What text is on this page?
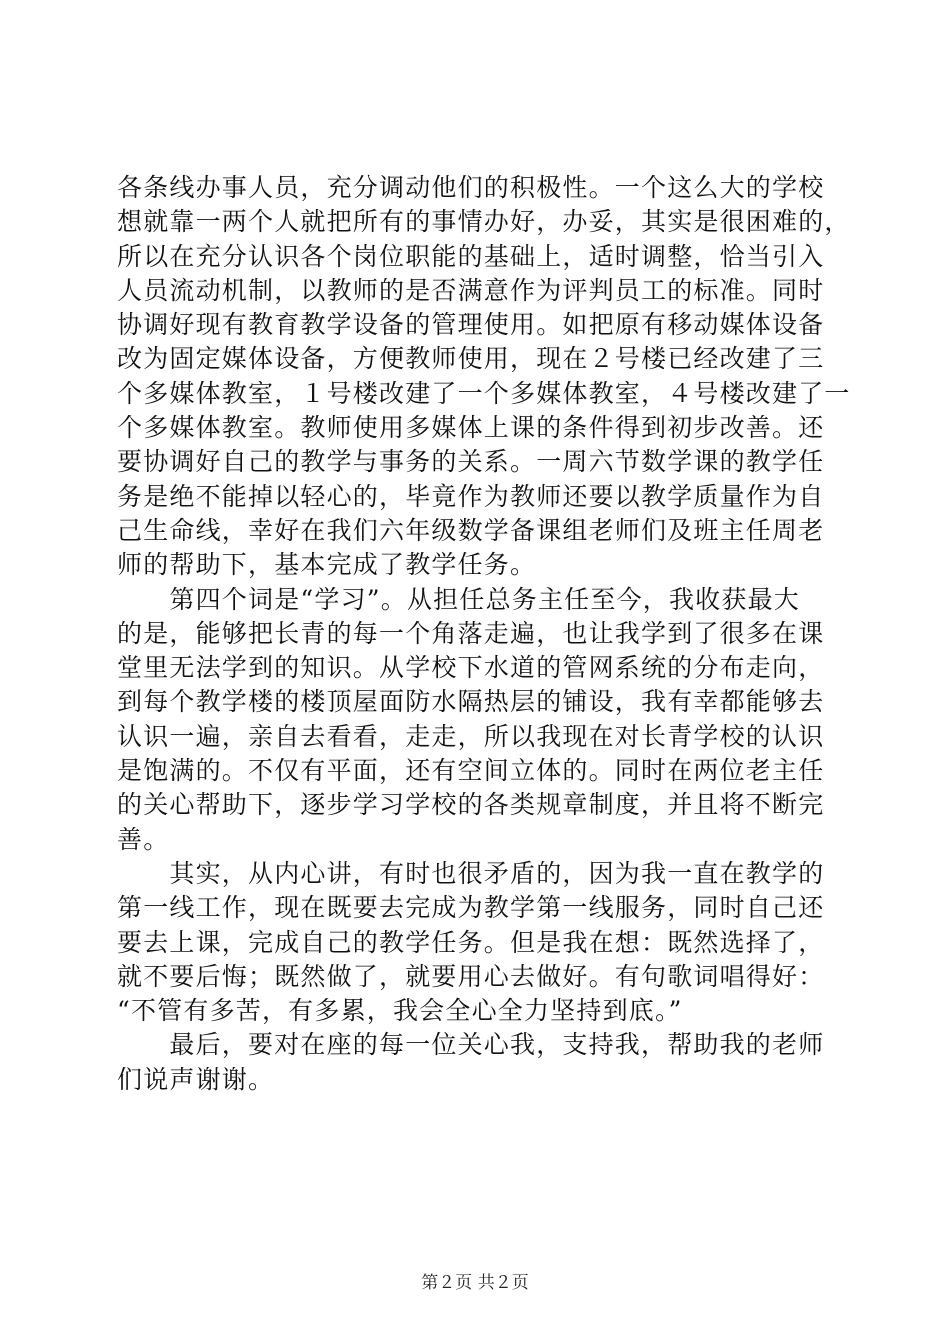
各条线办事人员，充分调动他们的积极性。一个这么大的学校
想就靠一两个人就把所有的事情办好，办妥，其实是很困难的，
所以在充分认识各个岗位职能的基础上，适时调整，恰当引入
人员流动机制，以教师的是否满意作为评判员工的标准。同时
协调好现有教育教学设备的管理使用。如把原有移动媒体设备
改为固定媒体设备，方便教师使用，现在２号楼已经改建了三
个多媒体教室，１号楼改建了一个多媒体教室，４号楼改建了一
个多媒体教室。教师使用多媒体上课的条件得到初步改善。还
要协调好自己的教学与事务的关系。一周六节数学课的教学任
务是绝不能掉以轻心的，毕竟作为教师还要以教学质量作为自
己生命线，幸好在我们六年级数学备课组老师们及班主任周老
师的帮助下，基本完成了教学任务。
　　第四个词是“学习”。从担任总务主任至今，我收获最大
的是，能够把长青的每一个角落走遍，也让我学到了很多在课
堂里无法学到的知识。从学校下水道的管网系统的分布走向，
到每个教学楼的楼顶屋面防水隔热层的铺设，我有幸都能够去
认识一遍，亲自去看看，走走，所以我现在对长青学校的认识
是饱满的。不仅有平面，还有空间立体的。同时在两位老主任
的关心帮助下，逐步学习学校的各类规章制度，并且将不断完
善。
　　其实，从内心讲，有时也很矛盾的，因为我一直在教学的
第一线工作，现在既要去完成为教学第一线服务，同时自己还
要去上课，完成自己的教学任务。但是我在想：既然选择了，
就不要后悔；既然做了，就要用心去做好。有句歌词唱得好：
“不管有多苦，有多累，我会全心全力坚持到底。”
　　最后，要对在座的每一位关心我，支持我，帮助我的老师
们说声谢谢。
第２页 共２页
